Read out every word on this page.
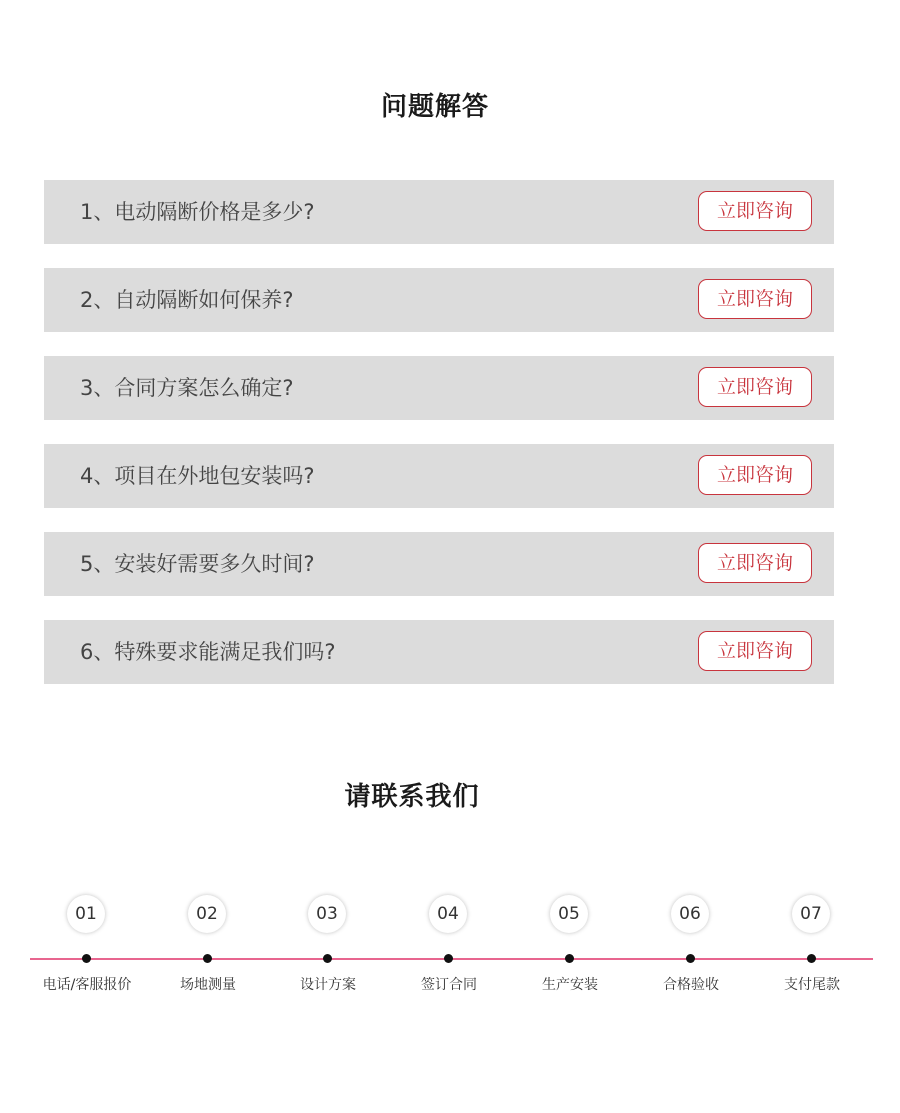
问题解答
1、电动隔断价格是多少?	立即咨询
2、自动隔断如何保养?	立即咨询
3、合同方案怎么确定?	立即咨询
4、项目在外地包安装吗?	立即咨询
5、安装好需要多久时间?	立即咨询
6、特殊要求能满足我们吗?	立即咨询
请联系我们
01
电话/客服报价
02
场地测量
03
设计方案
04
签订合同
05
生产安装
06
合格验收
07
支付尾款
